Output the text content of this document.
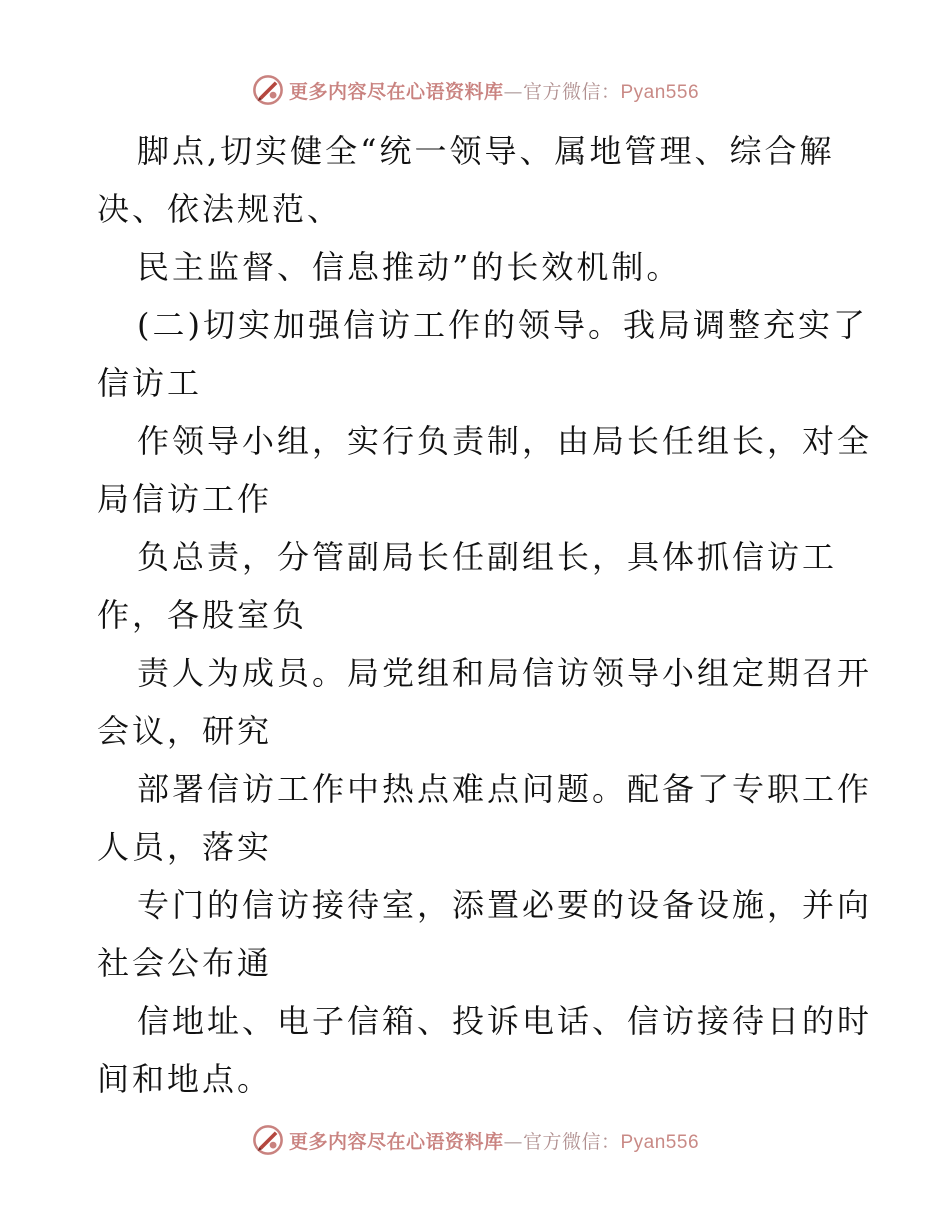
更多内容尽在心语资料库—官方微信：Pyan556
脚点,切实健全“统一领导、属地管理、综合解
决、依法规范、
民主监督、信息推动”的长效机制。
(二)切实加强信访工作的领导。我局调整充实了
信访工
作领导小组，实行负责制，由局长任组长，对全
局信访工作
负总责，分管副局长任副组长，具体抓信访工
作，各股室负
责人为成员。局党组和局信访领导小组定期召开
会议，研究
部署信访工作中热点难点问题。配备了专职工作
人员，落实
专门的信访接待室，添置必要的设备设施，并向
社会公布通
信地址、电子信箱、投诉电话、信访接待日的时
间和地点。
更多内容尽在心语资料库—官方微信：Pyan556
